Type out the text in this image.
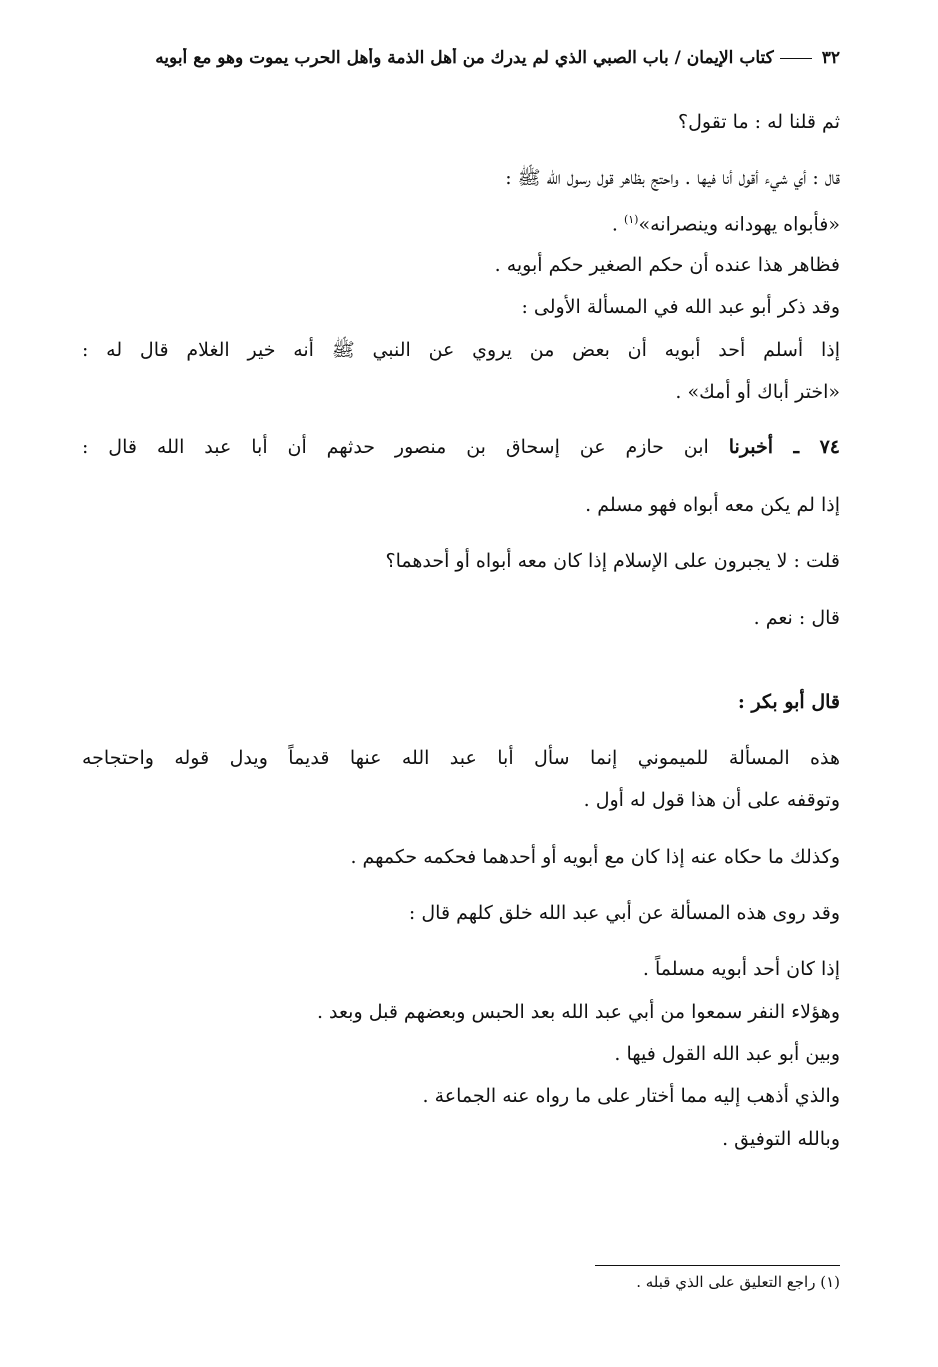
٣٢كتاب الإيمان / باب الصبي الذي لم يدرك من أهل الذمة وأهل الحرب يموت وهو مع أبويه
ثم قلنا له : ما تقول؟
قال : أي شيء أقول أنا فيها . واحتج بظاهر قول رسول الله ﷺ :
«فأبواه يهودانه وينصرانه»$^{(١)}$ .
فظاهر هذا عنده أن حكم الصغير حكم أبويه .
وقد ذكر أبو عبد الله في المسألة الأولى :
إذا أسلم أحد أبويه أن بعض من يروي عن النبي ﷺ أنه خير الغلام قال له :
«اختر أباك أو أمك» .
٧٤ ـ أخبرنا ابن حازم عن إسحاق بن منصور حدثهم أن أبا عبد الله قال :
إذا لم يكن معه أبواه فهو مسلم .
قلت : لا يجبرون على الإسلام إذا كان معه أبواه أو أحدهما؟
قال : نعم .
قال أبو بكر :
هذه المسألة للميموني إنما سأل أبا عبد الله عنها قديماً ويدل قوله واحتجاجه
وتوقفه على أن هذا قول له أول .
وكذلك ما حكاه عنه إذا كان مع أبويه أو أحدهما فحكمه حكمهم .
وقد روى هذه المسألة عن أبي عبد الله خلق كلهم قال :
إذا كان أحد أبويه مسلماً .
وهؤلاء النفر سمعوا من أبي عبد الله بعد الحبس وبعضهم قبل وبعد .
وبين أبو عبد الله القول فيها .
والذي أذهب إليه مما أختار على ما رواه عنه الجماعة .
وبالله التوفيق .
(١) راجع التعليق على الذي قبله .
